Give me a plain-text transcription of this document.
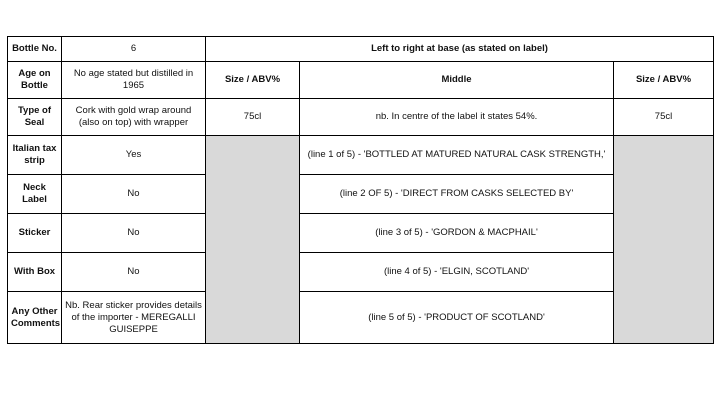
Bottle No.	6	Left to right at base (as stated on label)		
Age on Bottle	No age stated but distilled in 1965	Size / ABV%	Middle	Size / ABV%
Type of Seal	Cork with gold wrap around (also on top) with wrapper	75cl	nb. In centre of the label it states 54%.	75cl
Italian tax strip	Yes		(line 1 of 5) - 'BOTTLED AT MATURED NATURAL CASK STRENGTH,'	
Neck Label	No		(line 2 OF 5) - 'DIRECT FROM CASKS SELECTED BY'	
Sticker	No		(line 3 of 5) - 'GORDON & MACPHAIL'	
With Box	No		(line 4 of 5) - 'ELGIN, SCOTLAND'	
Any Other Comments	Nb. Rear sticker provides details of the importer - MEREGALLI GUISEPPE		(line 5 of 5) - 'PRODUCT OF SCOTLAND'	
